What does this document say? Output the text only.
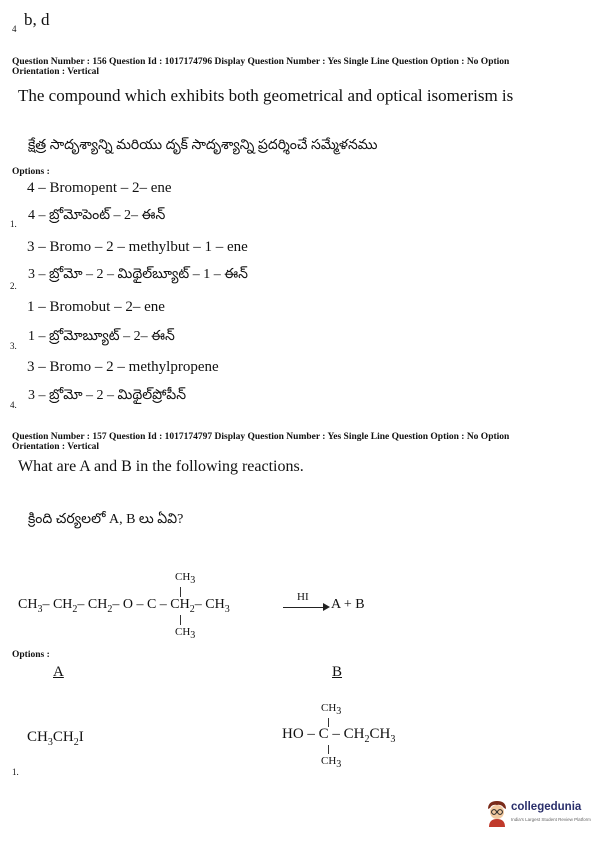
4 b, d
Question Number : 156 Question Id : 1017174796 Display Question Number : Yes Single Line Question Option : No Option
Orientation : Vertical
The compound which exhibits both geometrical and optical isomerism is
క్షేత్ర సాదృశ్యాన్ని మరియు దృక్ సాదృశ్యాన్ని ప్రదర్శించే సమ్మేళనము
Options :
4 – Bromopent – 2– ene
1.
4 – బ్రోమోపెంట్ – 2– ఈన్
3 – Bromo – 2 – methylbut – 1 – ene
2.
3 – బ్రోమో – 2 – మిథైల్‌బ్యూట్ – 1 – ఈన్
1 – Bromobut – 2– ene
3.
1 – బ్రోమోబ్యూట్ – 2– ఈన్
3 – Bromo – 2 – methylpropene
4.
3 – బ్రోమో – 2 – మిథైల్‌ప్రోపీన్
Question Number : 157 Question Id : 1017174797 Display Question Number : Yes Single Line Question Option : No Option
Orientation : Vertical
What are A and B in the following reactions.
క్రింది చర్యలలో A, B లు ఏవి?
$CH_3$
$CH_3-$ $CH_2-$ $CH_2-$ O – C – $CH_2-$ $CH_3$
HI A + B
$CH_3$
Options :
A	B
$CH_3CH_2I$
$CH_3$
HO – C – $CH_2CH_3$
$CH_3$
1.
collegedunia
India's Largest Student Review Platform
